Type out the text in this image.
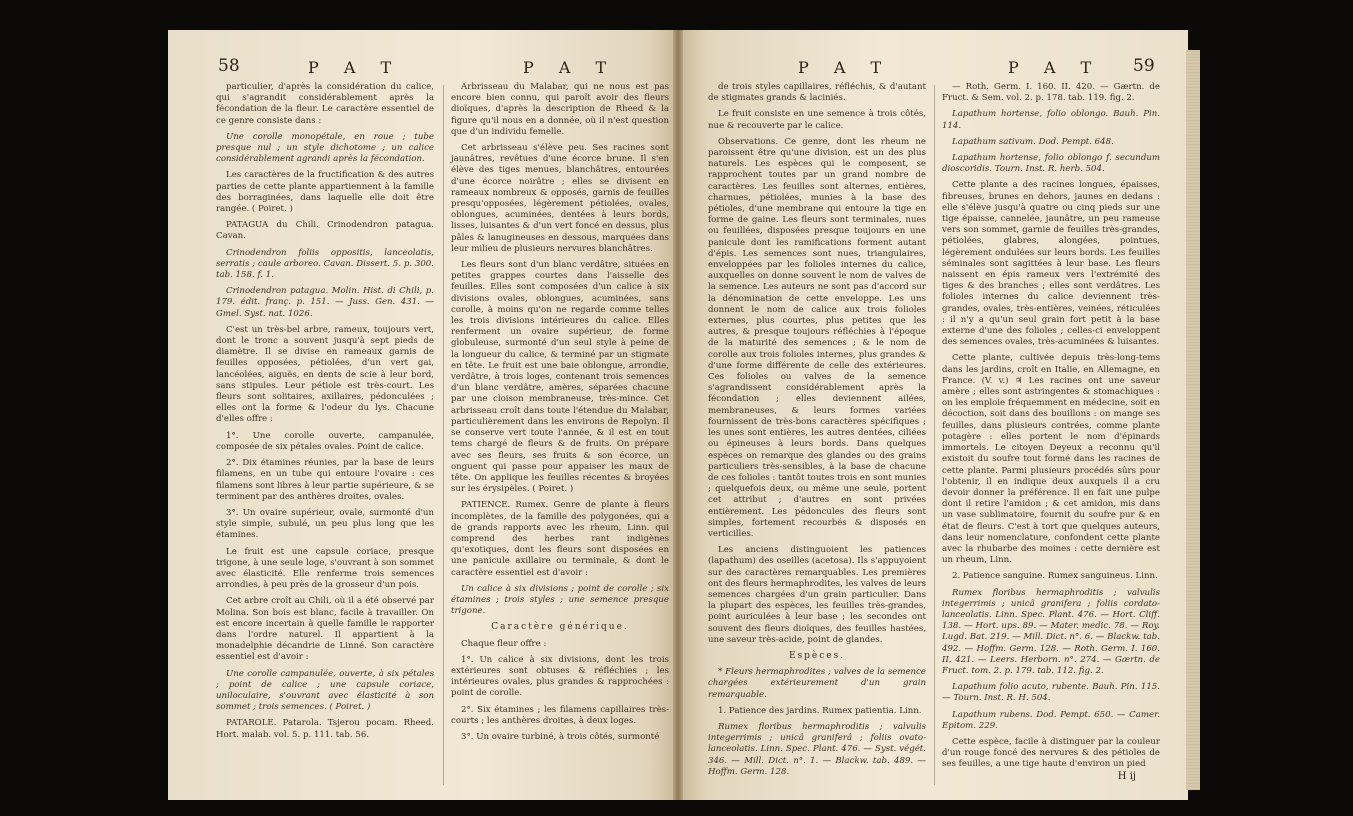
58	P A T	P A T

particulier, d'après la considération du calice, qui s'agrandit considérablement après la fécondation de la fleur. Le caractère essentiel de ce genre consiste dans :

Une corolle monopétale, en roue ; tube presque nul ; un style dichotome ; un calice considérablement agrandi après la fécondation.

Les caractères de la fructification & des autres parties de cette plante appartiennent à la famille des borraginées, dans laquelle elle doit être rangée. ( Poiret. )

PATAGUA du Chili. Crinodendron patagua. Cavan.

Crinodendron foliis oppositis, lanceolatis, serratis ; caule arboreo. Cavan. Dissert. 5. p. 300. tab. 158. f. 1.

Crinodendron patagua. Molin. Hist. di Chili, p. 179. édit. franç. p. 151. — Juss. Gen. 431. — Gmel. Syst. nat. 1026.

C'est un très-bel arbre, rameux, toujours vert, dont le tronc a souvent jusqu'à sept pieds de diamètre. Il se divise en rameaux garnis de feuilles opposées, pétiolées, d'un vert gai, lancéolées, aiguës, en dents de scie à leur bord, sans stipules. Leur pétiole est très-court. Les fleurs sont solitaires, axillaires, pédonculées ; elles ont la forme & l'odeur du lys. Chacune d'elles offre :

1°. Une corolle ouverte, campanulée, composée de six pétales ovales. Point de calice.

2°. Dix étamines réunies, par la base de leurs filamens, en un tube qui entoure l'ovaire : ces filamens sont libres à leur partie supérieure, & se terminent par des anthères droites, ovales.

3°. Un ovaire supérieur, ovale, surmonté d'un style simple, subulé, un peu plus long que les étamines.

Le fruit est une capsule coriace, presque trigone, à une seule loge, s'ouvrant à son sommet avec élasticité. Elle renferme trois semences arrondies, à peu près de la grosseur d'un pois.

Cet arbre croît au Chili, où il a été observé par Molina. Son bois est blanc, facile à travailler. On est encore incertain à quelle famille le rapporter dans l'ordre naturel. Il appartient à la monadelphie décandrie de Linné. Son caractère essentiel est d'avoir :

Une corolle campanulée, ouverte, à six pétales ; point de calice ; une capsule coriace, uniloculaire, s'ouvrant avec élasticité à son sommet ; trois semences. ( Poiret. )

PATAROLE. Patarola. Tsjerou pocam. Rheed. Hort. malab. vol. 5. p. 111. tab. 56.

Arbrisseau du Malabar, qui ne nous est pas encore bien connu, qui paroît avoir des fleurs dioïques, d'après la description de Rheed & la figure qu'il nous en a donnée, où il n'est question que d'un individu femelle.

Cet arbrisseau s'élève peu. Ses racines sont jaunâtres, revêtues d'une écorce brune. Il s'en élève des tiges menues, blanchâtres, entourées d'une écorce noirâtre ; elles se divisent en rameaux nombreux & opposés, garnis de feuilles presqu'opposées, légèrement pétiolées, ovales, oblongues, acuminées, dentées à leurs bords, lisses, luisantes & d'un vert foncé en dessus, plus pâles & lanugineuses en dessous, marquées dans leur milieu de plusieurs nervures blanchâtres.

Les fleurs sont d'un blanc verdâtre, situées en petites grappes courtes dans l'aisselle des feuilles. Elles sont composées d'un calice à six divisions ovales, oblongues, acuminées, sans corolle, à moins qu'on ne regarde comme telles les trois divisions intérieures du calice. Elles renferment un ovaire supérieur, de forme globuleuse, surmonté d'un seul style à peine de la longueur du calice, & terminé par un stigmate en tête. Le fruit est une baie oblongue, arrondie, verdâtre, à trois loges, contenant trois semences d'un blanc verdâtre, amères, séparées chacune par une cloison membraneuse, très-mince. Cet arbrisseau croît dans toute l'étendue du Malabar, particulièrement dans les environs de Repolyn. Il se conserve vert toute l'année, & il est en tout tems chargé de fleurs & de fruits. On prépare avec ses fleurs, ses fruits & son écorce, un onguent qui passe pour appaiser les maux de tête. On applique les feuilles récentes & broyées sur les érysipèles. ( Poiret. )

PATIENCE. Rumex. Genre de plante à fleurs incomplètes, de la famille des polygonées, qui a de grands rapports avec les rheum, Linn. qui comprend des herbes rant indigènes qu'exotiques, dont les fleurs sont disposées en une panicule axillaire ou terminale, & dont le caractère essentiel est d'avoir :

Un calice à six divisions ; point de corolle ; six étamines ; trois styles ; une semence presque trigone.

Caractère générique.

Chaque fleur offre :

1°. Un calice à six divisions, dont les trois extérieures sont obtuses & réfléchies ; les intérieures ovales, plus grandes & rapprochées : point de corolle.

2°. Six étamines ; les filamens capillaires très-courts ; les anthères droites, à deux loges.

3°. Un ovaire turbiné, à trois côtés, surmonté

P A T	P A T 59

de trois styles capillaires, réfléchis, & d'autant de stigmates grands & laciniés.

Le fruit consiste en une semence à trois côtés, nue & recouverte par le calice.

Observations. Ce genre, dont les rheum ne paroissent être qu'une division, est un des plus naturels. Les espèces qui le composent, se rapprochent toutes par un grand nombre de caractères. Les feuilles sont alternes, entières, charnues, pétiolées, munies à la base des pétioles, d'une membrane qui entoure la tige en forme de gaine. Les fleurs sont terminales, nues ou feuillées, disposées presque toujours en une panicule dont les ramifications forment autant d'épis. Les semences sont nues, triangulaires, enveloppées par les folioles internes du calice, auxquelles on donne souvent le nom de valves de la semence. Les auteurs ne sont pas d'accord sur la dénomination de cette enveloppe. Les uns donnent le nom de calice aux trois folioles externes, plus courtes, plus petites que les autres, & presque toujours réfléchies à l'époque de la maturité des semences ; & le nom de corolle aux trois folioles internes, plus grandes & d'une forme différente de celle des extérieures. Ces folioles ou valves de la semence s'agrandissent considérablement après la fécondation ; elles deviennent ailées, membraneuses, & leurs formes variées fournissent de très-bons caractères spécifiques ; les unes sont entières, les autres dentées, ciliées ou épineuses à leurs bords. Dans quelques espèces on remarque des glandes ou des grains particuliers très-sensibles, à la base de chacune de ces folioles : tantôt toutes trois en sont munies ; quelquefois deux, ou même une seule, portent cet attribut ; d'autres en sont privées entièrement. Les pédoncules des fleurs sont simples, fortement recourbés & disposés en verticilles.

Les anciens distinguoient les patiences (lapathum) des oseilles (acetosa). Ils s'appuyoient sur des caractères remarquables. Les premières ont des fleurs hermaphrodites, les valves de leurs semences chargées d'un grain particulier. Dans la plupart des espèces, les feuilles très-grandes, point auriculées à leur base ; les secondes ont souvent des fleurs dioïques, des feuilles hastées, une saveur très-acide, point de glandes.

Espèces.

* Fleurs hermaphrodites ; valves de la semence chargées extérieurement d'un grain remarquable.

1. Patience des jardins. Rumex patientia. Linn.

Rumex floribus hermaphroditis ; valvulis integerrimis ; unicâ graniferâ ; foliis ovato-lanceolatis. Linn. Spec. Plant. 476. — Syst. végét. 346. — Mill. Dict. n°. 1. — Blackw. tab. 489. — Hoffm. Germ. 128.

— Roth. Germ. I. 160. II. 420. — Gærtn. de Fruct. & Sem. vol. 2. p. 178. tab. 119. fig. 2.

Lapathum hortense, folio oblongo. Bauh. Pin. 114.

Lapathum sativum. Dod. Pempt. 648.

Lapathum hortense, folio oblongo f. secundum dioscoridis. Tourn. Inst. R. herb. 504.

Cette plante a des racines longues, épaisses, fibreuses, brunes en dehors, jaunes en dedans : elle s'élève jusqu'à quatre ou cinq pieds sur une tige épaisse, cannelée, jaunâtre, un peu rameuse vers son sommet, garnie de feuilles très-grandes, pétiolées, glabres, alongées, pointues, légèrement ondulées sur leurs bords. Les feuilles séminales sont sagittées à leur base. Les fleurs naissent en épis rameux vers l'extrémité des tiges & des branches ; elles sont verdâtres. Les folioles internes du calice deviennent très-grandes, ovales, très-entières, veinées, réticulées : il n'y a qu'un seul grain fort petit à la base externe d'une des folioles ; celles-ci enveloppent des semences ovales, très-acuminées & luisantes.

Cette plante, cultivée depuis très-long-tems dans les jardins, croît en Italie, en Allemagne, en France. (V. v.) ♃ Les racines ont une saveur amère ; elles sont astringentes & stomachiques : on les emploie fréquemment en médecine, soit en décoction, soit dans des bouillons : on mange ses feuilles, dans plusieurs contrées, comme plante potagère : elles portent le nom d'épinards immortels. Le citoyen Deyeux a reconnu qu'il existoit du soufre tout formé dans les racines de cette plante. Parmi plusieurs procédés sûrs pour l'obtenir, il en indique deux auxquels il a cru devoir donner la préférence. Il en fait une pulpe dont il retire l'amidon ; & cet amidon, mis dans un vase sublimatoire, fournit du soufre pur & en état de fleurs. C'est à tort que quelques auteurs, dans leur nomenclature, confondent cette plante avec la rhubarbe des moines : cette dernière est un rheum, Linn.

2. Patience sanguine. Rumex sanguineus. Linn.

Rumex floribus hermaphroditis ; valvulis integerrimis ; unicâ granifera ; foliis cordato-lanceolatis. Linn. Spec. Plant. 476. — Hort. Cliff. 138. — Hort. ups. 89. — Mater. medic. 78. — Roy. Lugd. Bat. 219. — Mill. Dict. n°. 6. — Blackw. tab. 492. — Hoffm. Germ. 128. — Roth. Germ. I. 160. II. 421. — Leers. Herborn. n°. 274. — Gærtn. de Fruct. tom. 2. p. 179. tab. 112. fig. 2.

Lapathum folio acuto, rubente. Bauh. Pin. 115. — Tourn. Inst. R. H. 504.

Lapathum rubens. Dod. Pempt. 650. — Camer. Epitom. 229.

Cette espèce, facile à distinguer par la couleur d'un rouge foncé des nervures & des pétioles de ses feuilles, a une tige haute d'environ un pied

H ij
